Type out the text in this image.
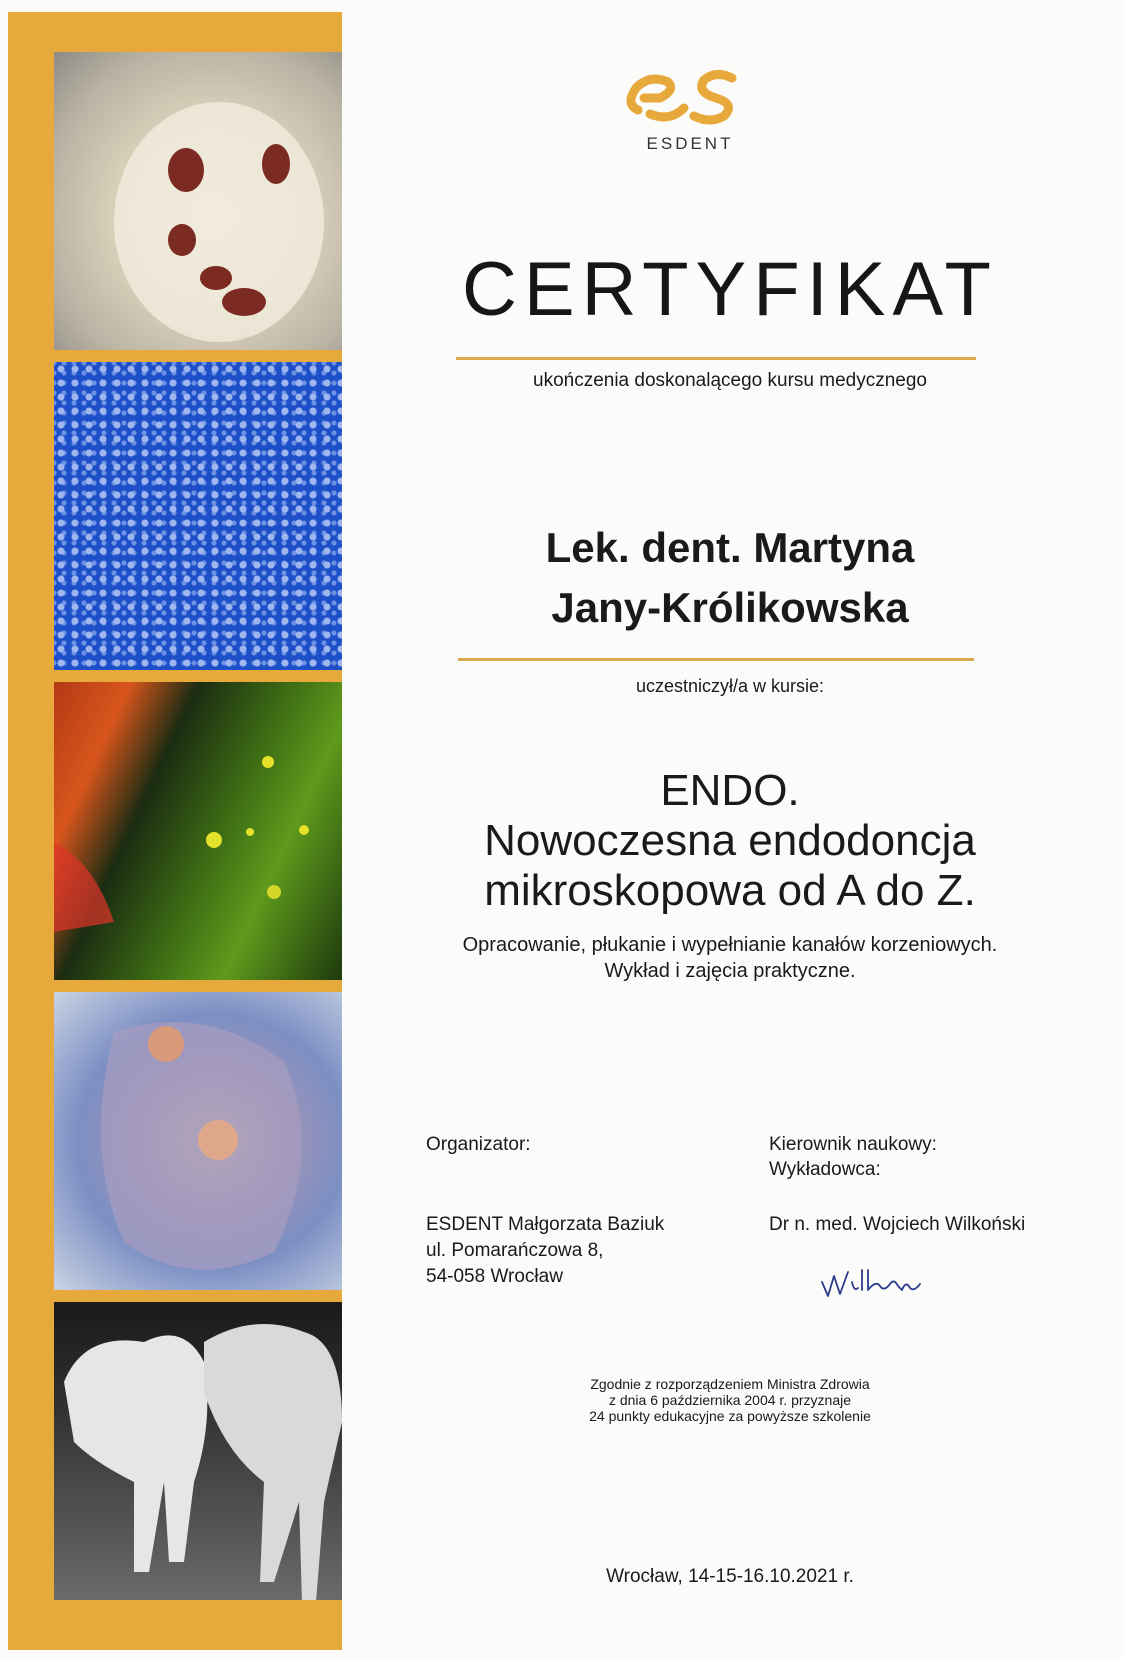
ESDENT
CERTYFIKAT
ukończenia doskonalącego kursu medycznego
Lek. dent. Martyna
Jany-Królikowska
uczestniczył/a w kursie:
ENDO.
Nowoczesna endodoncja
mikroskopowa od A do Z.
Opracowanie, płukanie i wypełnianie kanałów korzeniowych.
Wykład i zajęcia praktyczne.
Organizator:
ESDENT Małgorzata Baziuk
ul. Pomarańczowa 8,
54-058 Wrocław
Kierownik naukowy:
Wykładowca:
Dr n. med. Wojciech Wilkoński
Zgodnie z rozporządzeniem Ministra Zdrowia
z dnia 6 października 2004 r. przyznaje
24 punkty edukacyjne za powyższe szkolenie
Wrocław, 14-15-16.10.2021 r.
